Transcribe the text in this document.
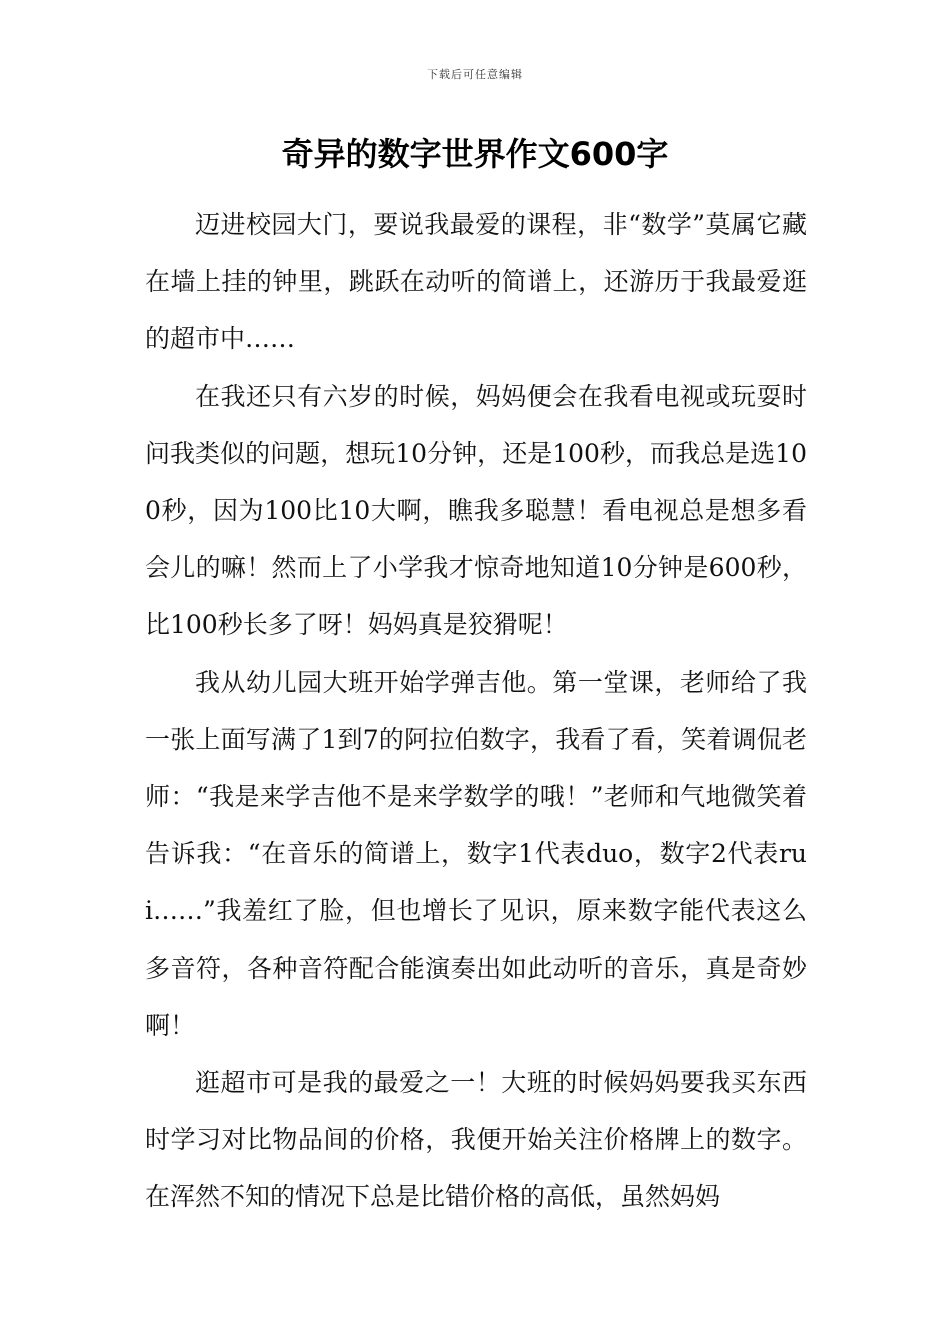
下载后可任意编辑
奇异的数字世界作文600字

迈进校园大门，要说我最爱的课程，非“数学”莫属它藏在墙上挂的钟里，跳跃在动听的简谱上，还游历于我最爱逛的超市中……

在我还只有六岁的时候，妈妈便会在我看电视或玩耍时问我类似的问题，想玩10分钟，还是100秒，而我总是选100秒，因为100比10大啊，瞧我多聪慧！看电视总是想多看会儿的嘛！然而上了小学我才惊奇地知道10分钟是600秒，比100秒长多了呀！妈妈真是狡猾呢！

我从幼儿园大班开始学弹吉他。第一堂课，老师给了我一张上面写满了1到7的阿拉伯数字，我看了看，笑着调侃老师：“我是来学吉他不是来学数学的哦！”老师和气地微笑着告诉我：“在音乐的简谱上，数字1代表duo，数字2代表rui……”我羞红了脸，但也增长了见识，原来数字能代表这么多音符，各种音符配合能演奏出如此动听的音乐，真是奇妙啊！

逛超市可是我的最爱之一！大班的时候妈妈要我买东西时学习对比物品间的价格，我便开始关注价格牌上的数字。在浑然不知的情况下总是比错价格的高低，虽然妈妈
